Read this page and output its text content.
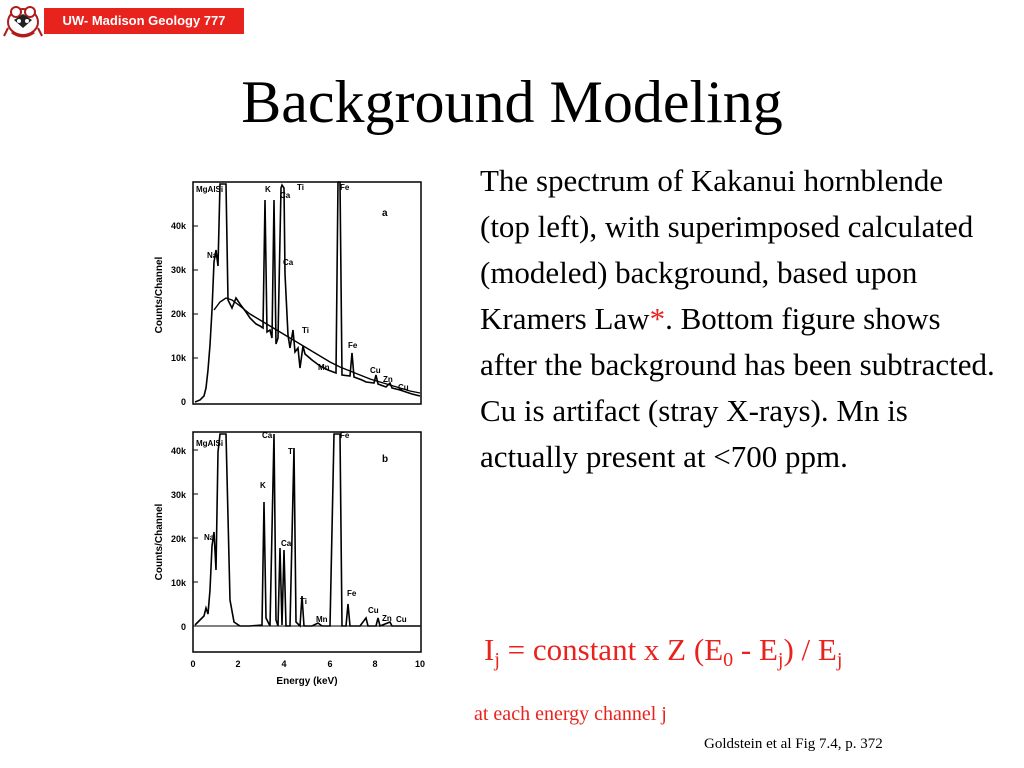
UW- Madison Geology 777
Background Modeling
0
10k
20k
30k
40k
MgAlSi	K
Ca
Ti	Fe
Na
Ca
Ti
Mn
Fe
Cu
Zn
Cu
a
0
10k
20k
30k
40k
MgAlSi
Ca	Fe
Ti
K
Na
Ca
Ti
Fe
Cu
Zn Cu
Mn
b
0	2	4	6	8	10
Energy (keV)
Counts/Channel
Counts/Channel
The spectrum of Kakanui hornblende (top left), with superimposed calculated (modeled) background, based upon Kramers Law*. Bottom figure shows after the background has been subtracted. Cu is artifact (stray X-rays). Mn is actually present at <700 ppm.
$I_j$ = constant x Z $(E_0 - E_j) / E_j$
at each energy channel j
Goldstein et al Fig 7.4, p. 372
